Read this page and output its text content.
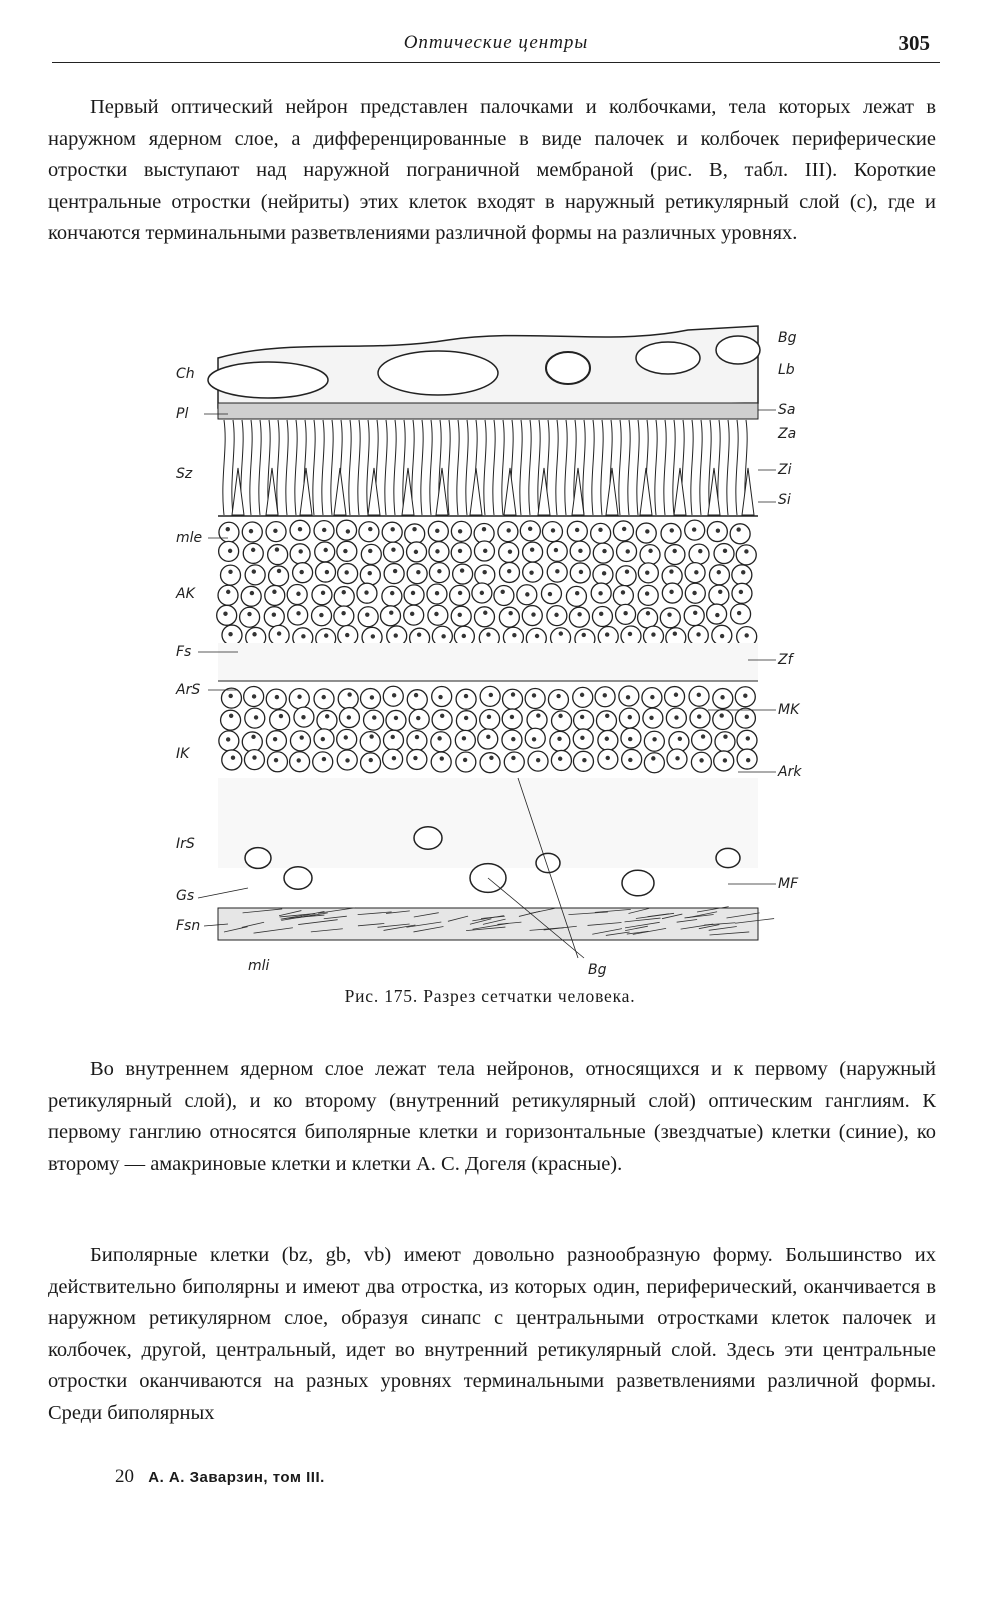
Оптические центры	305

Первый оптический нейрон представлен палочками и колбочками, тела которых лежат в наружном ядерном слое, а дифференцированные в виде палочек и колбочек периферические отростки выступают над наружной пограничной мембраной (рис. B, табл. III). Короткие центральные отростки (нейриты) этих клеток входят в наружный ретикулярный слой (c), где и кончаются терминальными разветвлениями различной формы на различных уровнях.

Ch
Pl
Sz
mle
AK
Fs
ArS
IK
IrS
Gs
Fsn
mli
Bg
Lb
Sa
Za
Zi
Si
Zf
MK
Ark
MF
Bg
Рис. 175. Разрез сетчатки человека.

Во внутреннем ядерном слое лежат тела нейронов, относящихся и к первому (наружный ретикулярный слой), и ко второму (внутренний ретикулярный слой) оптическим ганглиям. К первому ганглию относятся биполярные клетки и горизонтальные (звездчатые) клетки (синие), ко второму — амакриновые клетки и клетки А. С. Догеля (красные).

Биполярные клетки (bz, gb, vb) имеют довольно разнообразную форму. Большинство их действительно биполярны и имеют два отростка, из которых один, периферический, оканчивается в наружном ретикулярном слое, образуя синапс с центральными отростками клеток палочек и колбочек, другой, центральный, идет во внутренний ретикулярный слой. Здесь эти центральные отростки оканчиваются на разных уровнях терминальными разветвлениями различной формы. Среди биполярных

20 А. А. Заварзин, том III.
